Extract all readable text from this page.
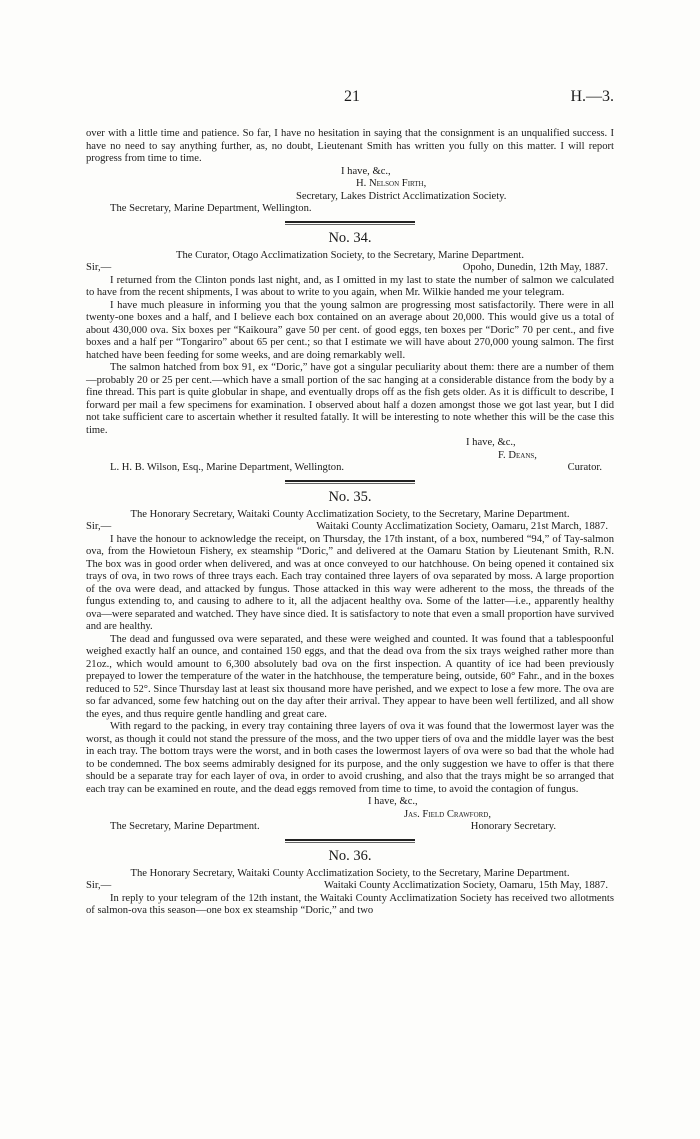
21	H.—3.

over with a little time and patience. So far, I have no hesitation in saying that the consignment is an unqualified success. I have no need to say anything further, as, no doubt, Lieutenant Smith has written you fully on this matter. I will report progress from time to time.

I have, &c.,
H. Nelson Firth,
Secretary, Lakes District Acclimatization Society.
The Secretary, Marine Department, Wellington.
No. 34.
The Curator, Otago Acclimatization Society, to the Secretary, Marine Department.
Sir,—	Opoho, Dunedin, 12th May, 1887.

I returned from the Clinton ponds last night, and, as I omitted in my last to state the number of salmon we calculated to have from the recent shipments, I was about to write to you again, when Mr. Wilkie handed me your telegram.

I have much pleasure in informing you that the young salmon are progressing most satisfactorily. There were in all twenty-one boxes and a half, and I believe each box contained on an average about 20,000. This would give us a total of about 430,000 ova. Six boxes per “Kaikoura” gave 50 per cent. of good eggs, ten boxes per “Doric” 70 per cent., and five boxes and a half per “Tongariro” about 65 per cent.; so that I estimate we will have about 270,000 young salmon. The first hatched have been feeding for some weeks, and are doing remarkably well.

The salmon hatched from box 91, ex “Doric,” have got a singular peculiarity about them: there are a number of them—probably 20 or 25 per cent.—which have a small portion of the sac hanging at a considerable distance from the body by a fine thread. This part is quite globular in shape, and eventually drops off as the fish gets older. As it is difficult to describe, I forward per mail a few specimens for examination. I observed about half a dozen amongst those we got last year, but I did not take sufficient care to ascertain whether it resulted fatally. It will be interesting to note whether this will be the case this time.

I have, &c.,
F. Deans,
L. H. B. Wilson, Esq., Marine Department, Wellington.	Curator.
No. 35.
The Honorary Secretary, Waitaki County Acclimatization Society, to the Secretary, Marine Department.
Sir,—	Waitaki County Acclimatization Society, Oamaru, 21st March, 1887.

I have the honour to acknowledge the receipt, on Thursday, the 17th instant, of a box, numbered “94,” of Tay-salmon ova, from the Howietoun Fishery, ex steamship “Doric,” and delivered at the Oamaru Station by Lieutenant Smith, R.N. The box was in good order when delivered, and was at once conveyed to our hatchhouse. On being opened it contained six trays of ova, in two rows of three trays each. Each tray contained three layers of ova separated by moss. A large proportion of the ova were dead, and attacked by fungus. Those attacked in this way were adherent to the moss, the threads of the fungus extending to, and causing to adhere to it, all the adjacent healthy ova. Some of the latter—i.e., apparently healthy ova—were separated and watched. They have since died. It is satisfactory to note that even a small proportion have survived and are healthy.

The dead and fungussed ova were separated, and these were weighed and counted. It was found that a tablespoonful weighed exactly half an ounce, and contained 150 eggs, and that the dead ova from the six trays weighed rather more than 21oz., which would amount to 6,300 absolutely bad ova on the first inspection. A quantity of ice had been previously prepayed to lower the temperature of the water in the hatchhouse, the temperature being, outside, 60° Fahr., and in the boxes reduced to 52°. Since Thursday last at least six thousand more have perished, and we expect to lose a few more. The ova are so far advanced, some few hatching out on the day after their arrival. They appear to have been well fertilized, and all show the eyes, and thus require gentle handling and great care.

With regard to the packing, in every tray containing three layers of ova it was found that the lowermost layer was the worst, as though it could not stand the pressure of the moss, and the two upper tiers of ova and the middle layer was the best in each tray. The bottom trays were the worst, and in both cases the lowermost layers of ova were so bad that the whole had to be condemned. The box seems admirably designed for its purpose, and the only suggestion we have to offer is that there should be a separate tray for each layer of ova, in order to avoid crushing, and also that the trays might be so arranged that each tray can be examined en route, and the dead eggs removed from time to time, to avoid the contagion of fungus.

I have, &c.,
Jas. Field Crawford,
The Secretary, Marine Department.	Honorary Secretary.
No. 36.
The Honorary Secretary, Waitaki County Acclimatization Society, to the Secretary, Marine Department.
Sir,—	Waitaki County Acclimatization Society, Oamaru, 15th May, 1887.

In reply to your telegram of the 12th instant, the Waitaki County Acclimatization Society has received two allotments of salmon-ova this season—one box ex steamship “Doric,” and two
